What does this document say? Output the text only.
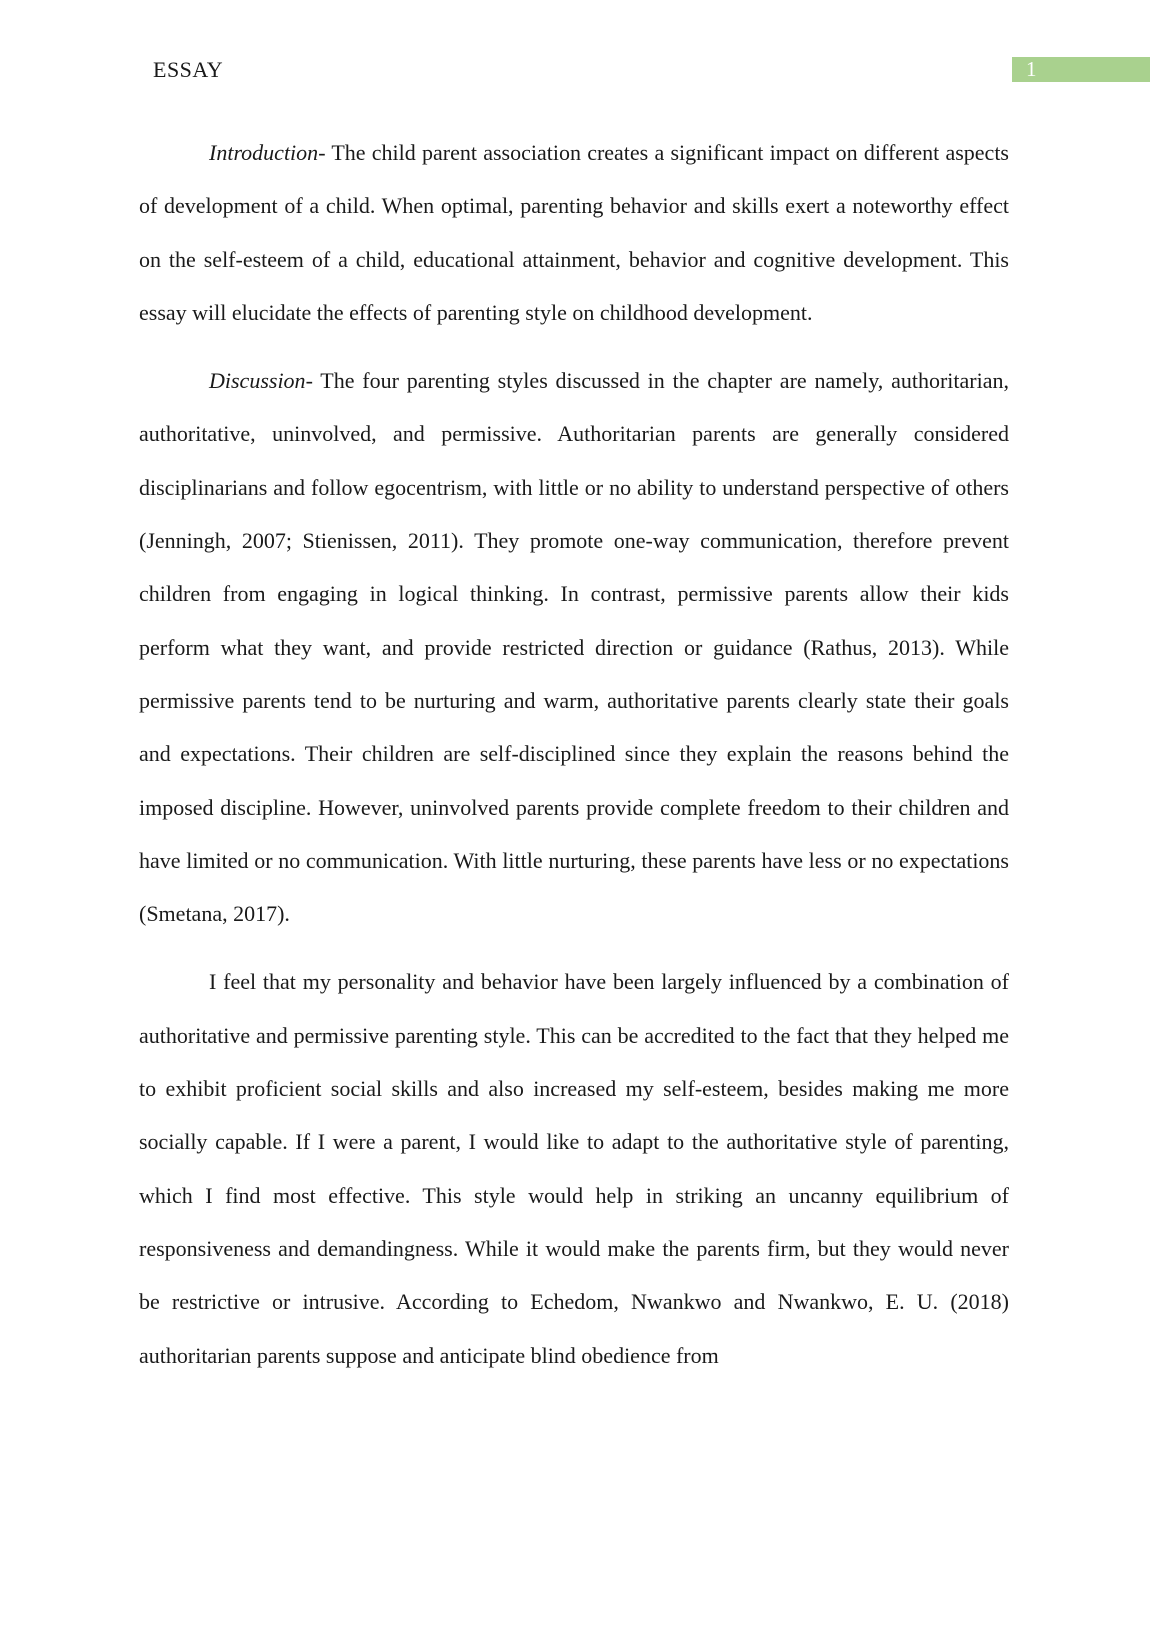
ESSAY	1

Introduction- The child parent association creates a significant impact on different aspects of development of a child. When optimal, parenting behavior and skills exert a noteworthy effect on the self-esteem of a child, educational attainment, behavior and cognitive development. This essay will elucidate the effects of parenting style on childhood development.

Discussion- The four parenting styles discussed in the chapter are namely, authoritarian, authoritative, uninvolved, and permissive. Authoritarian parents are generally considered disciplinarians and follow egocentrism, with little or no ability to understand perspective of others (Jenningh, 2007; Stienissen, 2011). They promote one-way communication, therefore prevent children from engaging in logical thinking. In contrast, permissive parents allow their kids perform what they want, and provide restricted direction or guidance (Rathus, 2013). While permissive parents tend to be nurturing and warm, authoritative parents clearly state their goals and expectations. Their children are self-disciplined since they explain the reasons behind the imposed discipline. However, uninvolved parents provide complete freedom to their children and have limited or no communication. With little nurturing, these parents have less or no expectations (Smetana, 2017).

I feel that my personality and behavior have been largely influenced by a combination of authoritative and permissive parenting style. This can be accredited to the fact that they helped me to exhibit proficient social skills and also increased my self-esteem, besides making me more socially capable. If I were a parent, I would like to adapt to the authoritative style of parenting, which I find most effective. This style would help in striking an uncanny equilibrium of responsiveness and demandingness. While it would make the parents firm, but they would never be restrictive or intrusive. According to Echedom, Nwankwo and Nwankwo, E. U. (2018) authoritarian parents suppose and anticipate blind obedience from
